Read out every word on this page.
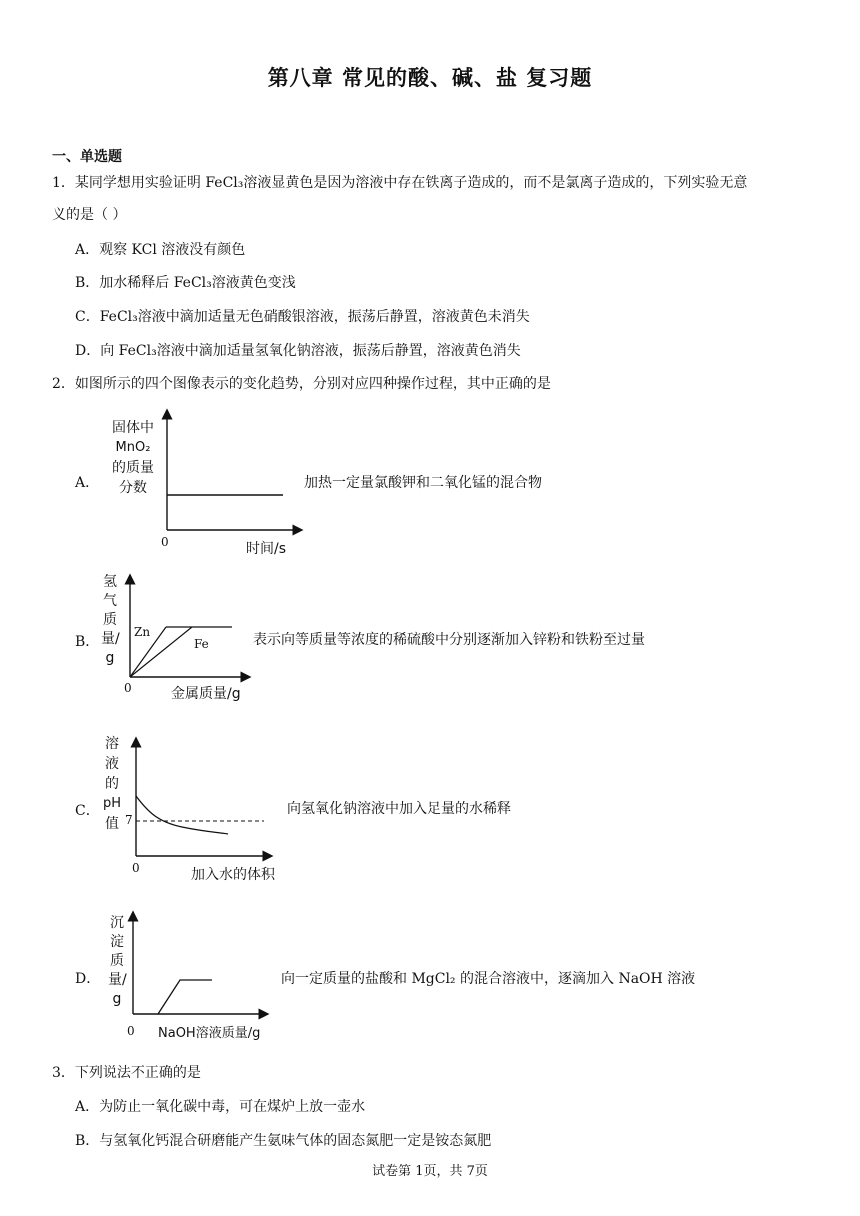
第八章 常见的酸、碱、盐 复习题
一、单选题
1．某同学想用实验证明 FeCl₃溶液显黄色是因为溶液中存在铁离子造成的，而不是氯离子造成的，下列实验无意
义的是（ ）
A．观察 KCl 溶液没有颜色
B．加水稀释后 FeCl₃溶液黄色变浅
C．FeCl₃溶液中滴加适量无色硝酸银溶液，振荡后静置，溶液黄色未消失
D．向 FeCl₃溶液中滴加适量氢氧化钠溶液，振荡后静置，溶液黄色消失
2．如图所示的四个图像表示的变化趋势，分别对应四种操作过程，其中正确的是
A．
固体中
MnO₂
的质量
分数
0	时间/s
加热一定量氯酸钾和二氧化锰的混合物
B．
氢气质量/g
Zn
Fe
0	金属质量/g
表示向等质量等浓度的稀硫酸中分别逐渐加入锌粉和铁粉至过量
C．
溶
液
的
pH
值 7
0	加入水的体积
向氢氧化钠溶液中加入足量的水稀释
D．
沉淀质量/g
0 NaOH溶液质量/g
向一定质量的盐酸和 MgCl₂ 的混合溶液中，逐滴加入 NaOH 溶液
3．下列说法不正确的是
A．为防止一氧化碳中毒，可在煤炉上放一壶水
B．与氢氧化钙混合研磨能产生氨味气体的固态氮肥一定是铵态氮肥
试卷第 1页，共 7页
